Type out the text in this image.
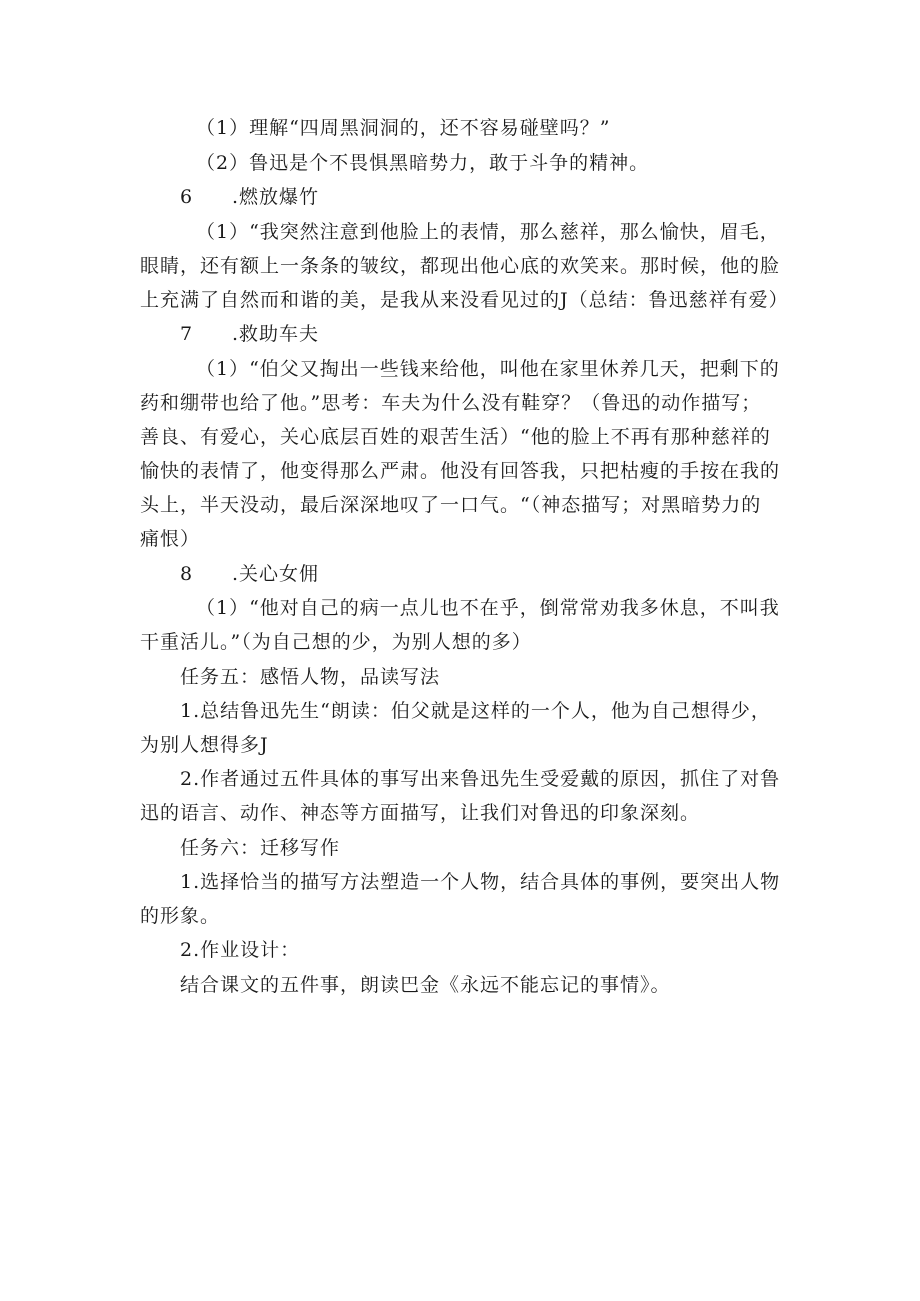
（1）理解“四周黑洞洞的，还不容易碰壁吗？”
（2）鲁迅是个不畏惧黑暗势力，敢于斗争的精神。
6 .燃放爆竹
（1）“我突然注意到他脸上的表情，那么慈祥，那么愉快，眉毛，
眼睛，还有额上一条条的皱纹，都现出他心底的欢笑来。那时候，他的脸
上充满了自然而和谐的美，是我从来没看见过的J（总结：鲁迅慈祥有爱）
7 .救助车夫
（1）“伯父又掏出一些钱来给他，叫他在家里休养几天，把剩下的
药和绷带也给了他。”思考：车夫为什么没有鞋穿？（鲁迅的动作描写；
善良、有爱心，关心底层百姓的艰苦生活）“他的脸上不再有那种慈祥的
愉快的表情了，他变得那么严肃。他没有回答我，只把枯瘦的手按在我的
头上，半天没动，最后深深地叹了一口气。“（神态描写；对黑暗势力的
痛恨）
8 .关心女佣
（1）“他对自己的病一点儿也不在乎，倒常常劝我多休息，不叫我
干重活儿。”（为自己想的少，为别人想的多）
任务五：感悟人物，品读写法
1.总结鲁迅先生“朗读：伯父就是这样的一个人，他为自己想得少，
为别人想得多J
2.作者通过五件具体的事写出来鲁迅先生受爱戴的原因，抓住了对鲁
迅的语言、动作、神态等方面描写，让我们对鲁迅的印象深刻。
任务六：迁移写作
1.选择恰当的描写方法塑造一个人物，结合具体的事例，要突出人物
的形象。
2.作业设计：
结合课文的五件事，朗读巴金《永远不能忘记的事情》。
